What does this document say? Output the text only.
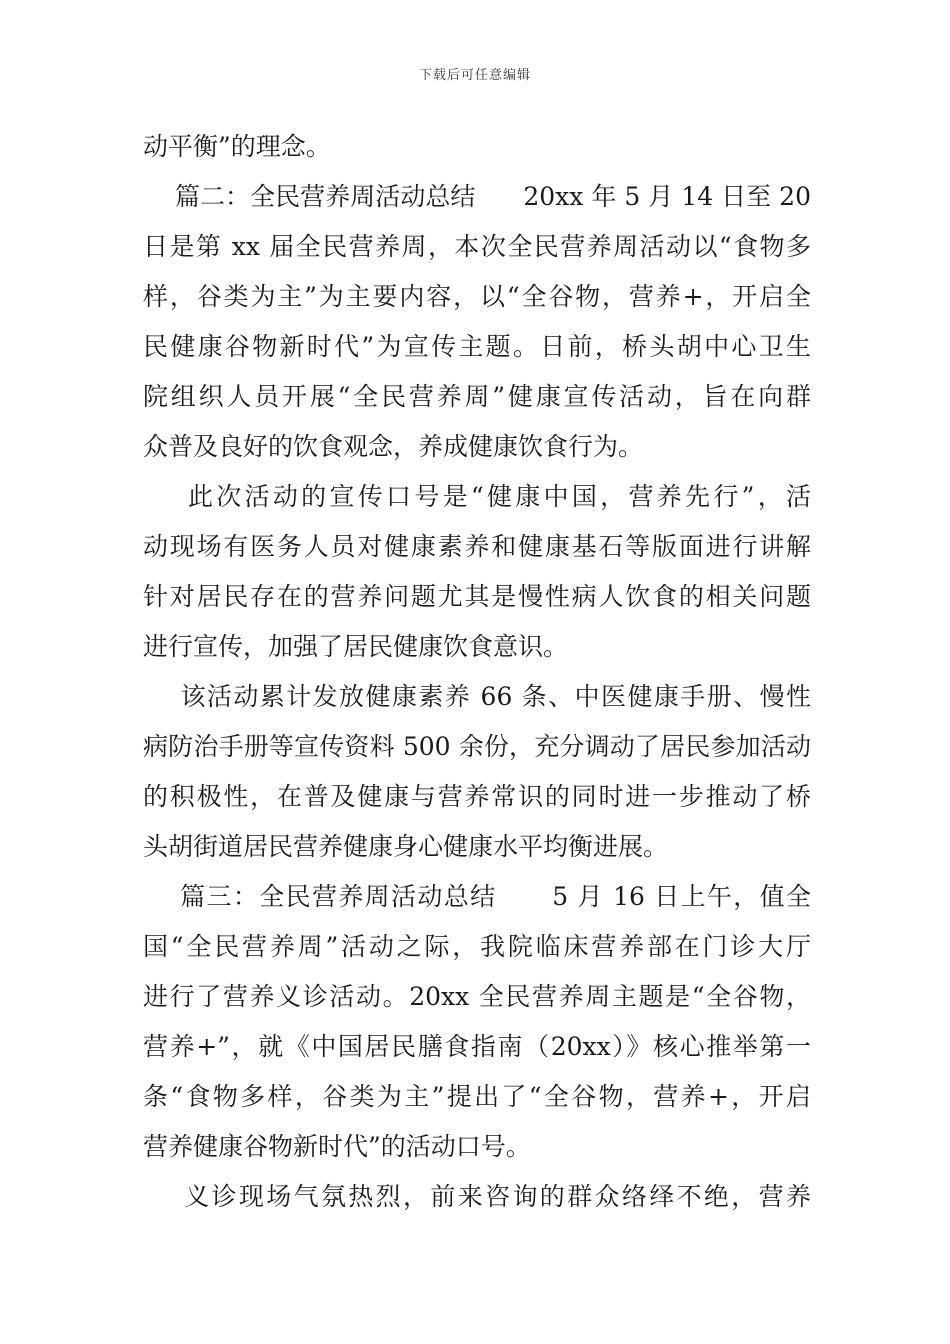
下载后可任意编辑
动平衡”的理念。
篇二：全民营养周活动总结      20xx 年 5 月 14 日至 20
日是第 xx 届全民营养周，本次全民营养周活动以“食物多
样，谷类为主”为主要内容，以“全谷物，营养+，开启全
民健康谷物新时代”为宣传主题。日前，桥头胡中心卫生
院组织人员开展“全民营养周”健康宣传活动，旨在向群
众普及良好的饮食观念，养成健康饮食行为。
此次活动的宣传口号是“健康中国，营养先行”，活
动现场有医务人员对健康素养和健康基石等版面进行讲解
针对居民存在的营养问题尤其是慢性病人饮食的相关问题
进行宣传，加强了居民健康饮食意识。
该活动累计发放健康素养 66 条、中医健康手册、慢性
病防治手册等宣传资料 500 余份，充分调动了居民参加活动
的积极性，在普及健康与营养常识的同时进一步推动了桥
头胡街道居民营养健康身心健康水平均衡进展。
篇三：全民营养周活动总结      5 月 16 日上午，值全
国“全民营养周”活动之际，我院临床营养部在门诊大厅
进行了营养义诊活动。20xx 全民营养周主题是“全谷物，
营养+”，就《中国居民膳食指南（20xx）》核心推举第一
条“食物多样，谷类为主”提出了“全谷物，营养+，开启
营养健康谷物新时代”的活动口号。
义诊现场气氛热烈，前来咨询的群众络绎不绝，营养
